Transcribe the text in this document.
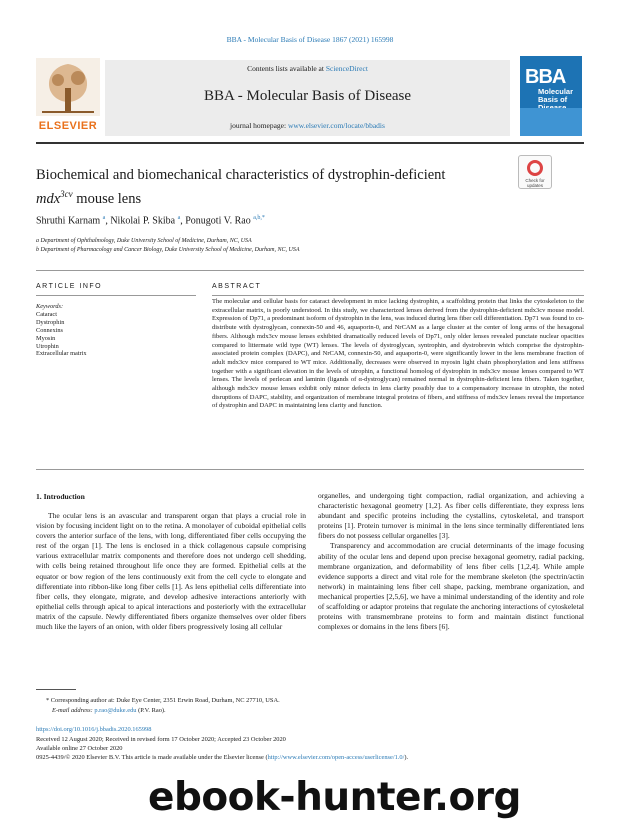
BBA - Molecular Basis of Disease 1867 (2021) 165998
ELSEVIER
Contents lists available at ScienceDirect
BBA - Molecular Basis of Disease
journal homepage: www.elsevier.com/locate/bbadis
BBA
Molecular
Basis of
Biochemical and biomechanical characteristics of dystrophin-deficient
mdx$^{3cv}$ mouse lens
Check for updates
Shruthi Karnam $^a$, Nikolai P. Skiba $^a$, Ponugoti V. Rao $^{a,b,*}$
a Department of Ophthalmology, Duke University School of Medicine, Durham, NC, USA
b Department of Pharmacology and Cancer Biology, Duke University School of Medicine, Durham, NC, USA
ARTICLE INFO
Keywords:
Cataract
Dystrophin
Connexins
Myosin
Utrophin
Extracellular matrix
ABSTRACT
The molecular and cellular basis for cataract development in mice lacking dystrophin, a scaffolding protein that links the cytoskeleton to the extracellular matrix, is poorly understood. In this study, we characterized lenses derived from the dystrophin-deficient mdx3cv mouse model. Expression of Dp71, a predominant isoform of dystrophin in the lens, was induced during lens fiber cell differentiation. Dp71 was found to co-distribute with dystroglycan, connexin-50 and 46, aquaporin-0, and NrCAM as a large cluster at the center of long arms of the hexagonal fibers. Although mdx3cv mouse lenses exhibited dramatically reduced levels of Dp71, only older lenses revealed punctate nuclear opacities compared to littermate wild type (WT) lenses. The levels of dystroglycan, syntrophin, and dystrobrevin which comprise the dystrophin-associated protein complex (DAPC), and NrCAM, connexin-50, and aquaporin-0, were significantly lower in the lens membrane fraction of adult mdx3cv mice compared to WT mice. Additionally, decreases were observed in myosin light chain phosphorylation and lens stiffness together with a significant elevation in the levels of utrophin, a functional homolog of dystrophin in mdx3cv mouse lenses compared to WT lenses. The levels of perlecan and laminin (ligands of α-dystroglycan) remained normal in dystrophin-deficient lens fibers. Taken together, although mdx3cv mouse lenses exhibit only minor defects in lens clarity possibly due to a compensatory increase in utrophin, the noted disruptions of DAPC, stability, and organization of membrane integral proteins of fibers, and stiffness of mdx3cv lenses reveal the importance of dystrophin and DAPC in maintaining lens clarity and function.
1. Introduction

The ocular lens is an avascular and transparent organ that plays a crucial role in vision by focusing incident light on to the retina. A monolayer of cuboidal epithelial cells covers the anterior surface of the lens, with long, differentiated fiber cells occupying the rest of the organ [1]. The lens is enclosed in a thick collagenous capsule comprising various extracellular matrix components and therefore does not undergo cell shedding, with cells being retained throughout life once they are formed. Epithelial cells at the equator or bow region of the lens continuously exit from the cell cycle to elongate and differentiate into ribbon-like long fiber cells [1]. As lens epithelial cells differentiate into fiber cells, they elongate, migrate, and develop adhesive interactions anteriorly with epithelial cells through apical to apical interactions and posteriorly with the extracellular matrix of the capsule. Newly differentiated fibers organize themselves over older fibers much like the layers of an onion, with older fibers progressively losing all cellular

organelles, and undergoing tight compaction, radial organization, and achieving a characteristic hexagonal geometry [1,2]. As fiber cells differentiate, they express lens abundant and specific proteins including the cystallins, cytoskeletal, and transport proteins [1]. Protein turnover is minimal in the lens since terminally differentiated lens fibers do not possess cellular organelles [3].

Transparency and accommodation are crucial determinants of the image focusing ability of the ocular lens and depend upon precise hexagonal geometry, radial packing, membrane organization, and deformability of lens fiber cells [1,2,4]. While ample evidence supports a direct and vital role for the membrane skeleton (the spectrin/actin network) in maintaining lens fiber cell shape, packing, membrane organization, and mechanical properties [2,5,6], we have a minimal understanding of the identity and role of scaffolding or adaptor proteins that regulate the anchoring interactions of cytoskeletal proteins with transmembrane proteins to form and maintain distinct functional complexes or domains in the lens fibers [6].

* Corresponding author at: Duke Eye Center, 2351 Erwin Road, Durham, NC 27710, USA.
E-mail address: p.rao@duke.edu (P.V. Rao).
https://doi.org/10.1016/j.bbadis.2020.165998
Received 12 August 2020; Received in revised form 17 October 2020; Accepted 23 October 2020
Available online 27 October 2020
0925-4439/© 2020 Elsevier B.V. This article is made available under the Elsevier license (http://www.elsevier.com/open-access/userlicense/1.0/).
ebook-hunter.org
